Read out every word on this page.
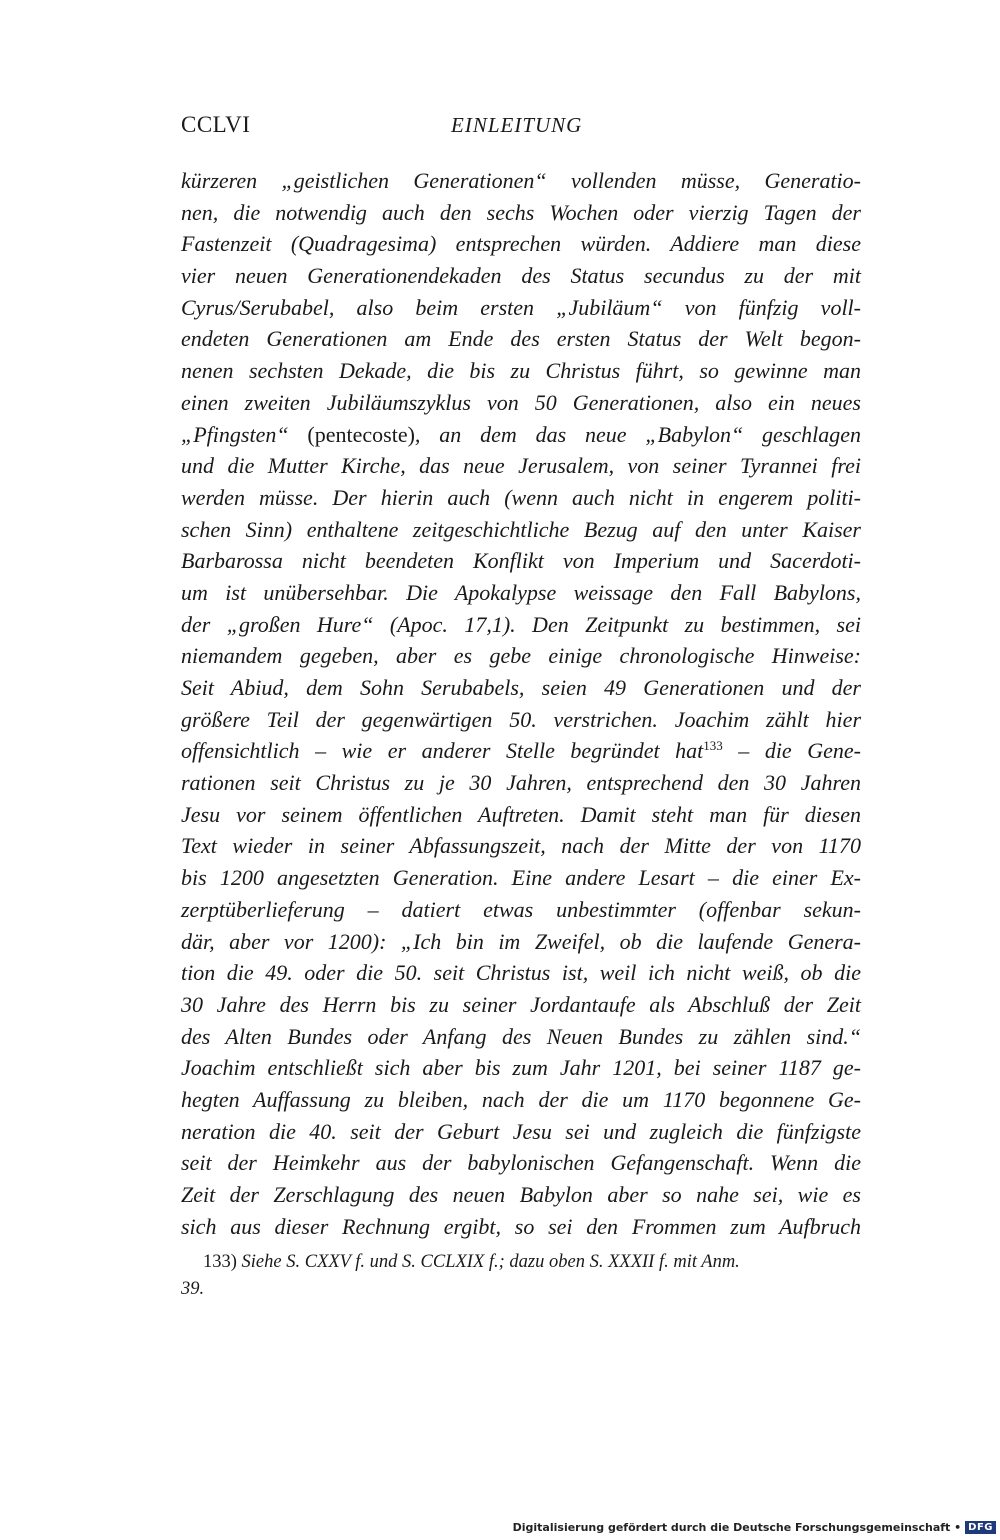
CCLVI	EINLEITUNG
kürzeren „geistlichen Generationen“ vollenden müsse, Generatio-
nen, die notwendig auch den sechs Wochen oder vierzig Tagen der
Fastenzeit (Quadragesima) entsprechen würden. Addiere man diese
vier neuen Generationendekaden des Status secundus zu der mit
Cyrus/Serubabel, also beim ersten „Jubiläum“ von fünfzig voll-
endeten Generationen am Ende des ersten Status der Welt begon-
nenen sechsten Dekade, die bis zu Christus führt, so gewinne man
einen zweiten Jubiläumszyklus von 50 Generationen, also ein neues
„Pfingsten“ (pentecoste), an dem das neue „Babylon“ geschlagen
und die Mutter Kirche, das neue Jerusalem, von seiner Tyrannei frei
werden müsse. Der hierin auch (wenn auch nicht in engerem politi-
schen Sinn) enthaltene zeitgeschichtliche Bezug auf den unter Kaiser
Barbarossa nicht beendeten Konflikt von Imperium und Sacerdoti-
um ist unübersehbar. Die Apokalypse weissage den Fall Babylons,
der „großen Hure“ (Apoc. 17,1). Den Zeitpunkt zu bestimmen, sei
niemandem gegeben, aber es gebe einige chronologische Hinweise:
Seit Abiud, dem Sohn Serubabels, seien 49 Generationen und der
größere Teil der gegenwärtigen 50. verstrichen. Joachim zählt hier
offensichtlich – wie er anderer Stelle begründet hat$^{133}$ – die Gene-
rationen seit Christus zu je 30 Jahren, entsprechend den 30 Jahren
Jesu vor seinem öffentlichen Auftreten. Damit steht man für diesen
Text wieder in seiner Abfassungszeit, nach der Mitte der von 1170
bis 1200 angesetzten Generation. Eine andere Lesart – die einer Ex-
zerptüberlieferung – datiert etwas unbestimmter (offenbar sekun-
där, aber vor 1200): „Ich bin im Zweifel, ob die laufende Genera-
tion die 49. oder die 50. seit Christus ist, weil ich nicht weiß, ob die
30 Jahre des Herrn bis zu seiner Jordantaufe als Abschluß der Zeit
des Alten Bundes oder Anfang des Neuen Bundes zu zählen sind.“
Joachim entschließt sich aber bis zum Jahr 1201, bei seiner 1187 ge-
hegten Auffassung zu bleiben, nach der die um 1170 begonnene Ge-
neration die 40. seit der Geburt Jesu sei und zugleich die fünfzigste
seit der Heimkehr aus der babylonischen Gefangenschaft. Wenn die
Zeit der Zerschlagung des neuen Babylon aber so nahe sei, wie es
sich aus dieser Rechnung ergibt, so sei den Frommen zum Aufbruch
133) Siehe S. CXXV f. und S. CCLXIX f.; dazu oben S. XXXII f. mit Anm.
39.
Digitalisierung gefördert durch die Deutsche Forschungsgemeinschaft • DFG
